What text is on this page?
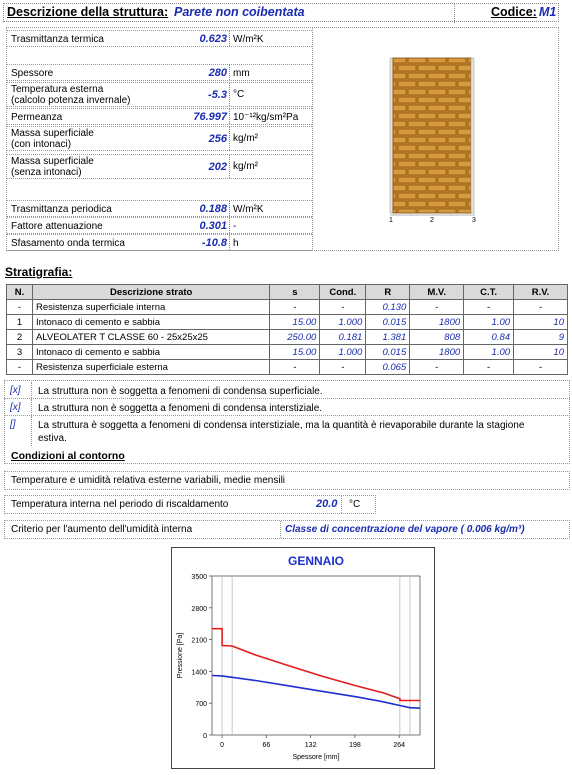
Descrizione della struttura: Parete non coibentata	Codice: M1
Trasmittanza termica	0.623 W/m²K
Spessore	280 mm
Temperatura esterna
(calcolo potenza invernale)	-5.3 °C
Permeanza	76.997 10⁻¹²kg/sm²Pa
Massa superficiale
(con intonaci)	256 kg/m²
Massa superficiale
(senza intonaci)	202 kg/m²
Trasmittanza periodica	0.188 W/m²K
Fattore attenuazione	0.301 -
Sfasamento onda termica	-10.8 h
1	2	3
Stratigrafia:
N.	Descrizione strato	s	Cond.	R	M.V.	C.T.	R.V.
-	Resistenza superficiale interna	-	-	0.130	-	-	-
1	Intonaco di cemento e sabbia	15.00	1.000	0.015	1800	1.00	10
2	ALVEOLATER T CLASSE 60 - 25x25x25	250.00	0.181	1.381	808	0.84	9
3	Intonaco di cemento e sabbia	15.00	1.000	0.015	1800	1.00	10
-	Resistenza superficiale esterna	-	-	0.065	-	-	-
[x] La struttura non è soggetta a fenomeni di condensa superficiale.
[x] La struttura non è soggetta a fenomeni di condensa interstiziale.
[] La struttura è soggetta a fenomeni di condensa interstiziale, ma la quantità è rievaporabile durante la stagione estiva.
Condizioni al contorno
Temperature e umidità relativa esterne variabili, medie mensili
Temperatura interna nel periodo di riscaldamento	20.0 °C
Criterio per l'aumento dell'umidità interna	Classe di concentrazione del vapore ( 0.006 kg/m³)
GENNAIO
0
700
1400
2100
2800
3500
0	66	132	198	264
Spessore [mm]
Pressione [Pa]
